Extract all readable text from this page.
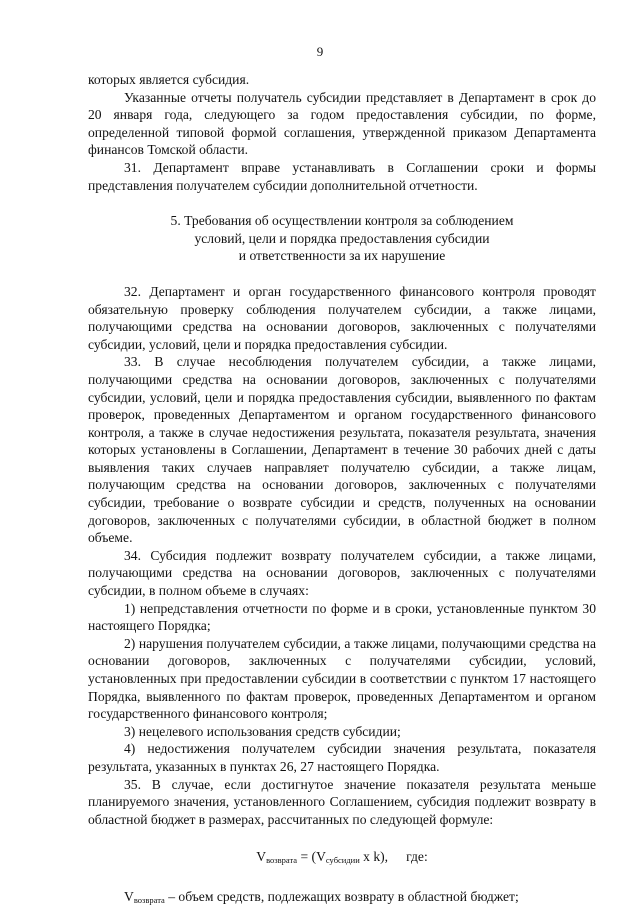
9

которых является субсидия.

Указанные отчеты получатель субсидии представляет в Департамент в срок до 20 января года, следующего за годом предоставления субсидии, по форме, определенной типовой формой соглашения, утвержденной приказом Департамента финансов Томской области.

31. Департамент вправе устанавливать в Соглашении сроки и формы представления получателем субсидии дополнительной отчетности.

5. Требования об осуществлении контроля за соблюдением
условий, цели и порядка предоставления субсидии
и ответственности за их нарушение

32. Департамент и орган государственного финансового контроля проводят обязательную проверку соблюдения получателем субсидии, а также лицами, получающими средства на основании договоров, заключенных с получателями субсидии, условий, цели и порядка предоставления субсидии.

33. В случае несоблюдения получателем субсидии, а также лицами, получающими средства на основании договоров, заключенных с получателями субсидии, условий, цели и порядка предоставления субсидии, выявленного по фактам проверок, проведенных Департаментом и органом государственного финансового контроля, а также в случае недостижения результата, показателя результата, значения которых установлены в Соглашении, Департамент в течение 30 рабочих дней с даты выявления таких случаев направляет получателю субсидии, а также лицам, получающим средства на основании договоров, заключенных с получателями субсидии, требование о возврате субсидии и средств, полученных на основании договоров, заключенных с получателями субсидии, в областной бюджет в полном объеме.

34. Субсидия подлежит возврату получателем субсидии, а также лицами, получающими средства на основании договоров, заключенных с получателями субсидии, в полном объеме в случаях:

1) непредставления отчетности по форме и в сроки, установленные пунктом 30 настоящего Порядка;

2) нарушения получателем субсидии, а также лицами, получающими средства на основании договоров, заключенных с получателями субсидии, условий, установленных при предоставлении субсидии в соответствии с пунктом 17 настоящего Порядка, выявленного по фактам проверок, проведенных Департаментом и органом государственного финансового контроля;

3) нецелевого использования средств субсидии;

4) недостижения получателем субсидии значения результата, показателя результата, указанных в пунктах 26, 27 настоящего Порядка.

35. В случае, если достигнутое значение показателя результата меньше планируемого значения, установленного Соглашением, субсидия подлежит возврату в областной бюджет в размерах, рассчитанных по следующей формуле:

$V_{возврата} = (V_{субсидии}$ x k), где:

$V_{возврата}$ – объем средств, подлежащих возврату в областной бюджет;
